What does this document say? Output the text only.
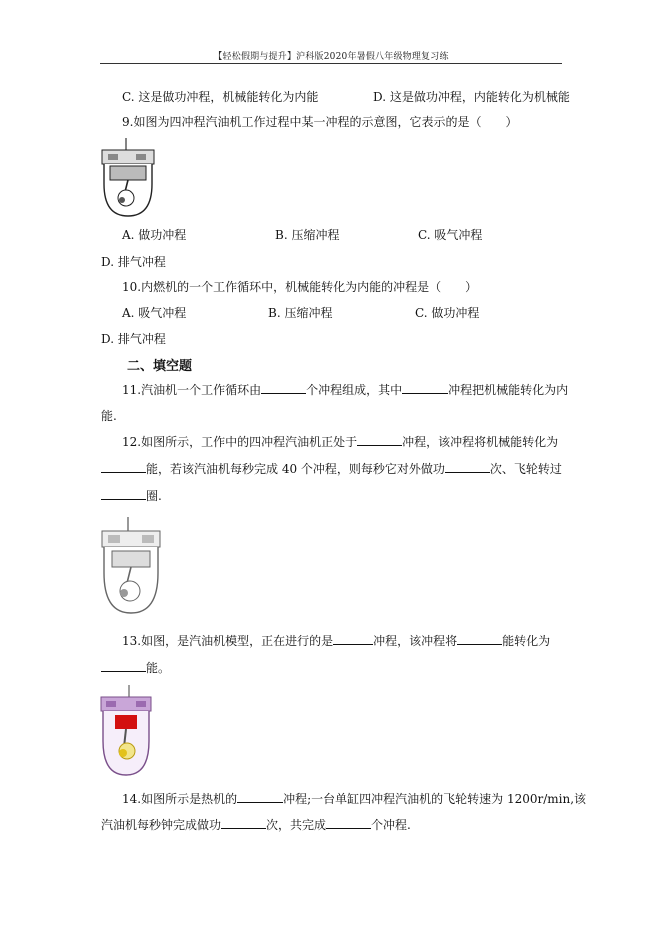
【轻松假期与提升】沪科版2020年暑假八年级物理复习练
C. 这是做功冲程，机械能转化为内能	D. 这是做功冲程，内能转化为机械能
9.如图为四冲程汽油机工作过程中某一冲程的示意图，它表示的是（　　）
A. 做功冲程	B. 压缩冲程	C. 吸气冲程
D. 排气冲程
10.内燃机的一个工作循环中，机械能转化为内能的冲程是（　　）
A. 吸气冲程	B. 压缩冲程	C. 做功冲程
D. 排气冲程
二、填空题
11.汽油机一个工作循环由	个冲程组成，其中	冲程把机械能转化为内
能.
12.如图所示，工作中的四冲程汽油机正处于	冲程，该冲程将机械能转化为
能，若该汽油机每秒完成 40 个冲程，则每秒它对外做功	次、飞轮转过
圈.
13.如图，是汽油机模型，正在进行的是	冲程，该冲程将	能转化为
能。
14.如图所示是热机的	冲程;一台单缸四冲程汽油机的飞轮转速为 1200r/min,该
汽油机每秒钟完成做功	次，共完成	个冲程.
